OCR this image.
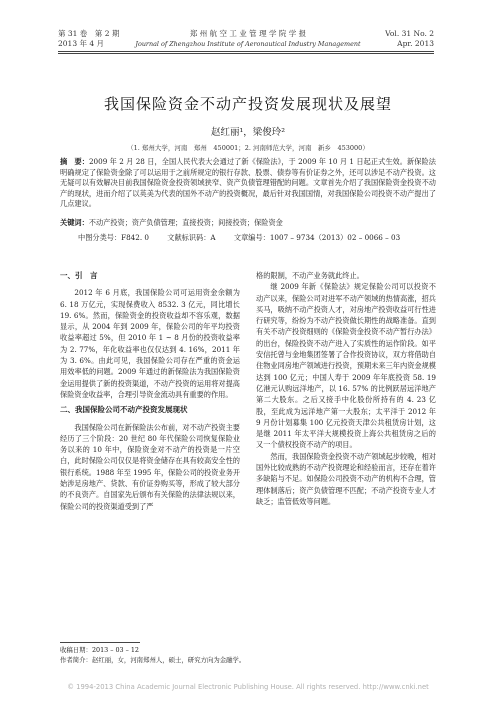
第 31 卷　第 2 期
2013 年 4 月
郑 州 航 空 工 业 管 理 学 院 学 报
Journal of Zhengzhou Institute of Aeronautical Industry Management
Vol. 31 No. 2
Apr. 2013
我国保险资金不动产投资发展现状及展望
赵红丽¹，梁俊玲²
（1. 郑州大学，河南　郑州　450001；2. 河南师范大学，河南　新乡　453000）
摘　要：2009 年 2 月 28 日，全国人民代表大会通过了新《保险法》，于 2009 年 10 月 1 日起正式生效。新保险法明确规定了保险资金除了可以运用于之前所规定的银行存款、股票、债券等有价证券之外，还可以涉足不动产投资。这无疑可以有效解决目前我国保险资金投资领域狭窄、资产负债管理错配的问题。文章首先介绍了我国保险资金投资不动产的现状，进而介绍了以英美为代表的国外不动产的投资概况，最后针对我国国情，对我国保险公司投资不动产提出了几点建议。
关键词：不动产投资；资产负债管理；直接投资；间接投资；保险资金
中图分类号：F842. 0	文献标识码：A	文章编号：1007 – 9734（2013）02 – 0066 – 03
一、引　言

2012 年 6 月底，我国保险公司可运用资金余额为 6. 18 万亿元，实现保费收入 8532. 3 亿元，同比增长 19. 6%。然而，保险资金的投资收益却不容乐观，数据显示，从 2004 年到 2009 年，保险公司的年平均投资收益率超过 5%，但 2010 年 1 ~ 8 月份的投资收益率为 2. 77%，年化收益率也仅仅达到 4. 16%，2011 年为 3. 6%。由此可见，我国保险公司存在严重的资金运用效率低的问题。2009 年通过的新保险法为我国保险资金运用提供了新的投资渠道，不动产投资的运用将对提高保险资金收益率，合理引导资金流动具有重要的作用。

二、我国保险公司不动产投资发展现状

我国保险公司在新保险法公布前，对不动产投资主要经历了三个阶段：20 世纪 80 年代保险公司恢复保险业务以来的 10 年中，保险资金对不动产的投资是一片空白，此时保险公司仅仅是将资金储存在具有较高安全性的银行系统。1988 年至 1995 年，保险公司的投资业务开始涉足房地产、贷款、有价证券购买等，形成了较大部分的不良资产。自国家先后颁布有关保险的法律法规以来，保险公司的投资渠道受到了严

格的限制，不动产业务就此终止。

继 2009 年新《保险法》规定保险公司可以投资不动产以来，保险公司对进军不动产领域的热情高涨，招兵买马，吸纳不动产投资人才，对房地产投资收益可行性进行研究等，纷纷为不动产投资做长期性的战略准备。直到有关不动产投资细则的《保险资金投资不动产暂行办法》的出台，保险投资不动产进入了实质性的运作阶段。如平安信托曾与金地集团签署了合作投资协议，双方将借助自住物业同房地产领域进行投资，预期未来三年内资金规模达到 100 亿元；中国人寿于 2009 年年底投资 58. 19 亿港元认购远洋地产，以 16. 57% 的比例跃居远洋地产第二大股东。之后又接手中化股份所持有的 4. 23 亿股，至此成为远洋地产第一大股东；太平洋于 2012 年 9 月份计划募集 100 亿元投资天津公共租赁房计划，这是继 2011 年太平洋大规模投资上海公共租赁房之后的又一个债权投资不动产的项目。

然而，我国保险资金投资不动产领域起步较晚，相对国外比较成熟的不动产投资理论和经验而言，还存在着许多缺陷与不足。如保险公司投资不动产的机构不合理，管理体制落后；资产负债管理不匹配；不动产投资专业人才缺乏；监管低效等问题。

收稿日期：2013 – 03 – 12
作者简介：赵红丽，女，河南郑州人，硕士，研究方向为金融学。
© 1994-2013 China Academic Journal Electronic Publishing House. All rights reserved. http://www.cnki.net
